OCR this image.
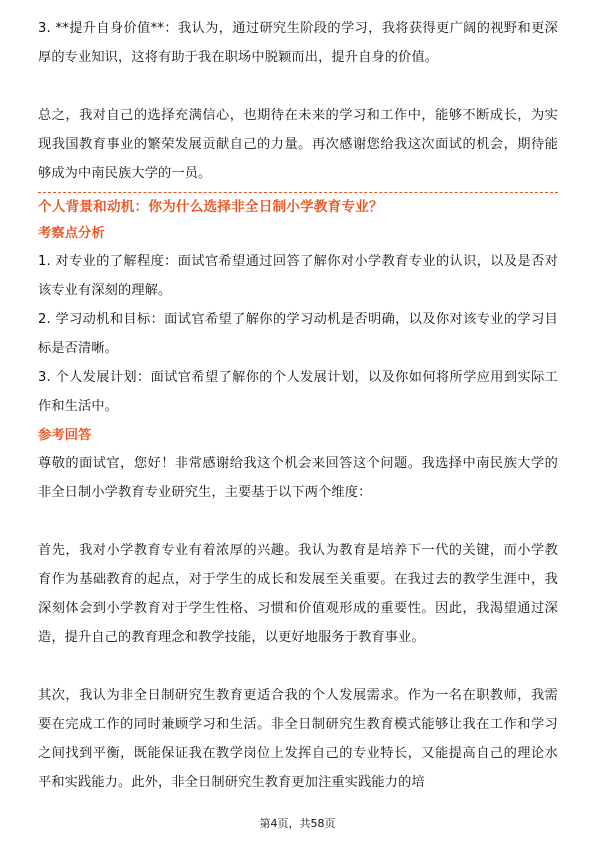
3. **提升自身价值**：我认为，通过研究生阶段的学习，我将获得更广阔的视野和更深厚的专业知识，这将有助于我在职场中脱颖而出，提升自身的价值。

总之，我对自己的选择充满信心，也期待在未来的学习和工作中，能够不断成长，为实现我国教育事业的繁荣发展贡献自己的力量。再次感谢您给我这次面试的机会，期待能够成为中南民族大学的一员。

个人背景和动机：你为什么选择非全日制小学教育专业？
考察点分析

1. 对专业的了解程度：面试官希望通过回答了解你对小学教育专业的认识，以及是否对该专业有深刻的理解。

2. 学习动机和目标：面试官希望了解你的学习动机是否明确，以及你对该专业的学习目标是否清晰。

3. 个人发展计划：面试官希望了解你的个人发展计划，以及你如何将所学应用到实际工作和生活中。

参考回答

尊敬的面试官，您好！非常感谢给我这个机会来回答这个问题。我选择中南民族大学的非全日制小学教育专业研究生，主要基于以下两个维度：

首先，我对小学教育专业有着浓厚的兴趣。我认为教育是培养下一代的关键，而小学教育作为基础教育的起点，对于学生的成长和发展至关重要。在我过去的教学生涯中，我深刻体会到小学教育对于学生性格、习惯和价值观形成的重要性。因此，我渴望通过深造，提升自己的教育理念和教学技能，以更好地服务于教育事业。

其次，我认为非全日制研究生教育更适合我的个人发展需求。作为一名在职教师，我需要在完成工作的同时兼顾学习和生活。非全日制研究生教育模式能够让我在工作和学习之间找到平衡，既能保证我在教学岗位上发挥自己的专业特长，又能提高自己的理论水平和实践能力。此外，非全日制研究生教育更加注重实践能力的培

第4页，共58页
